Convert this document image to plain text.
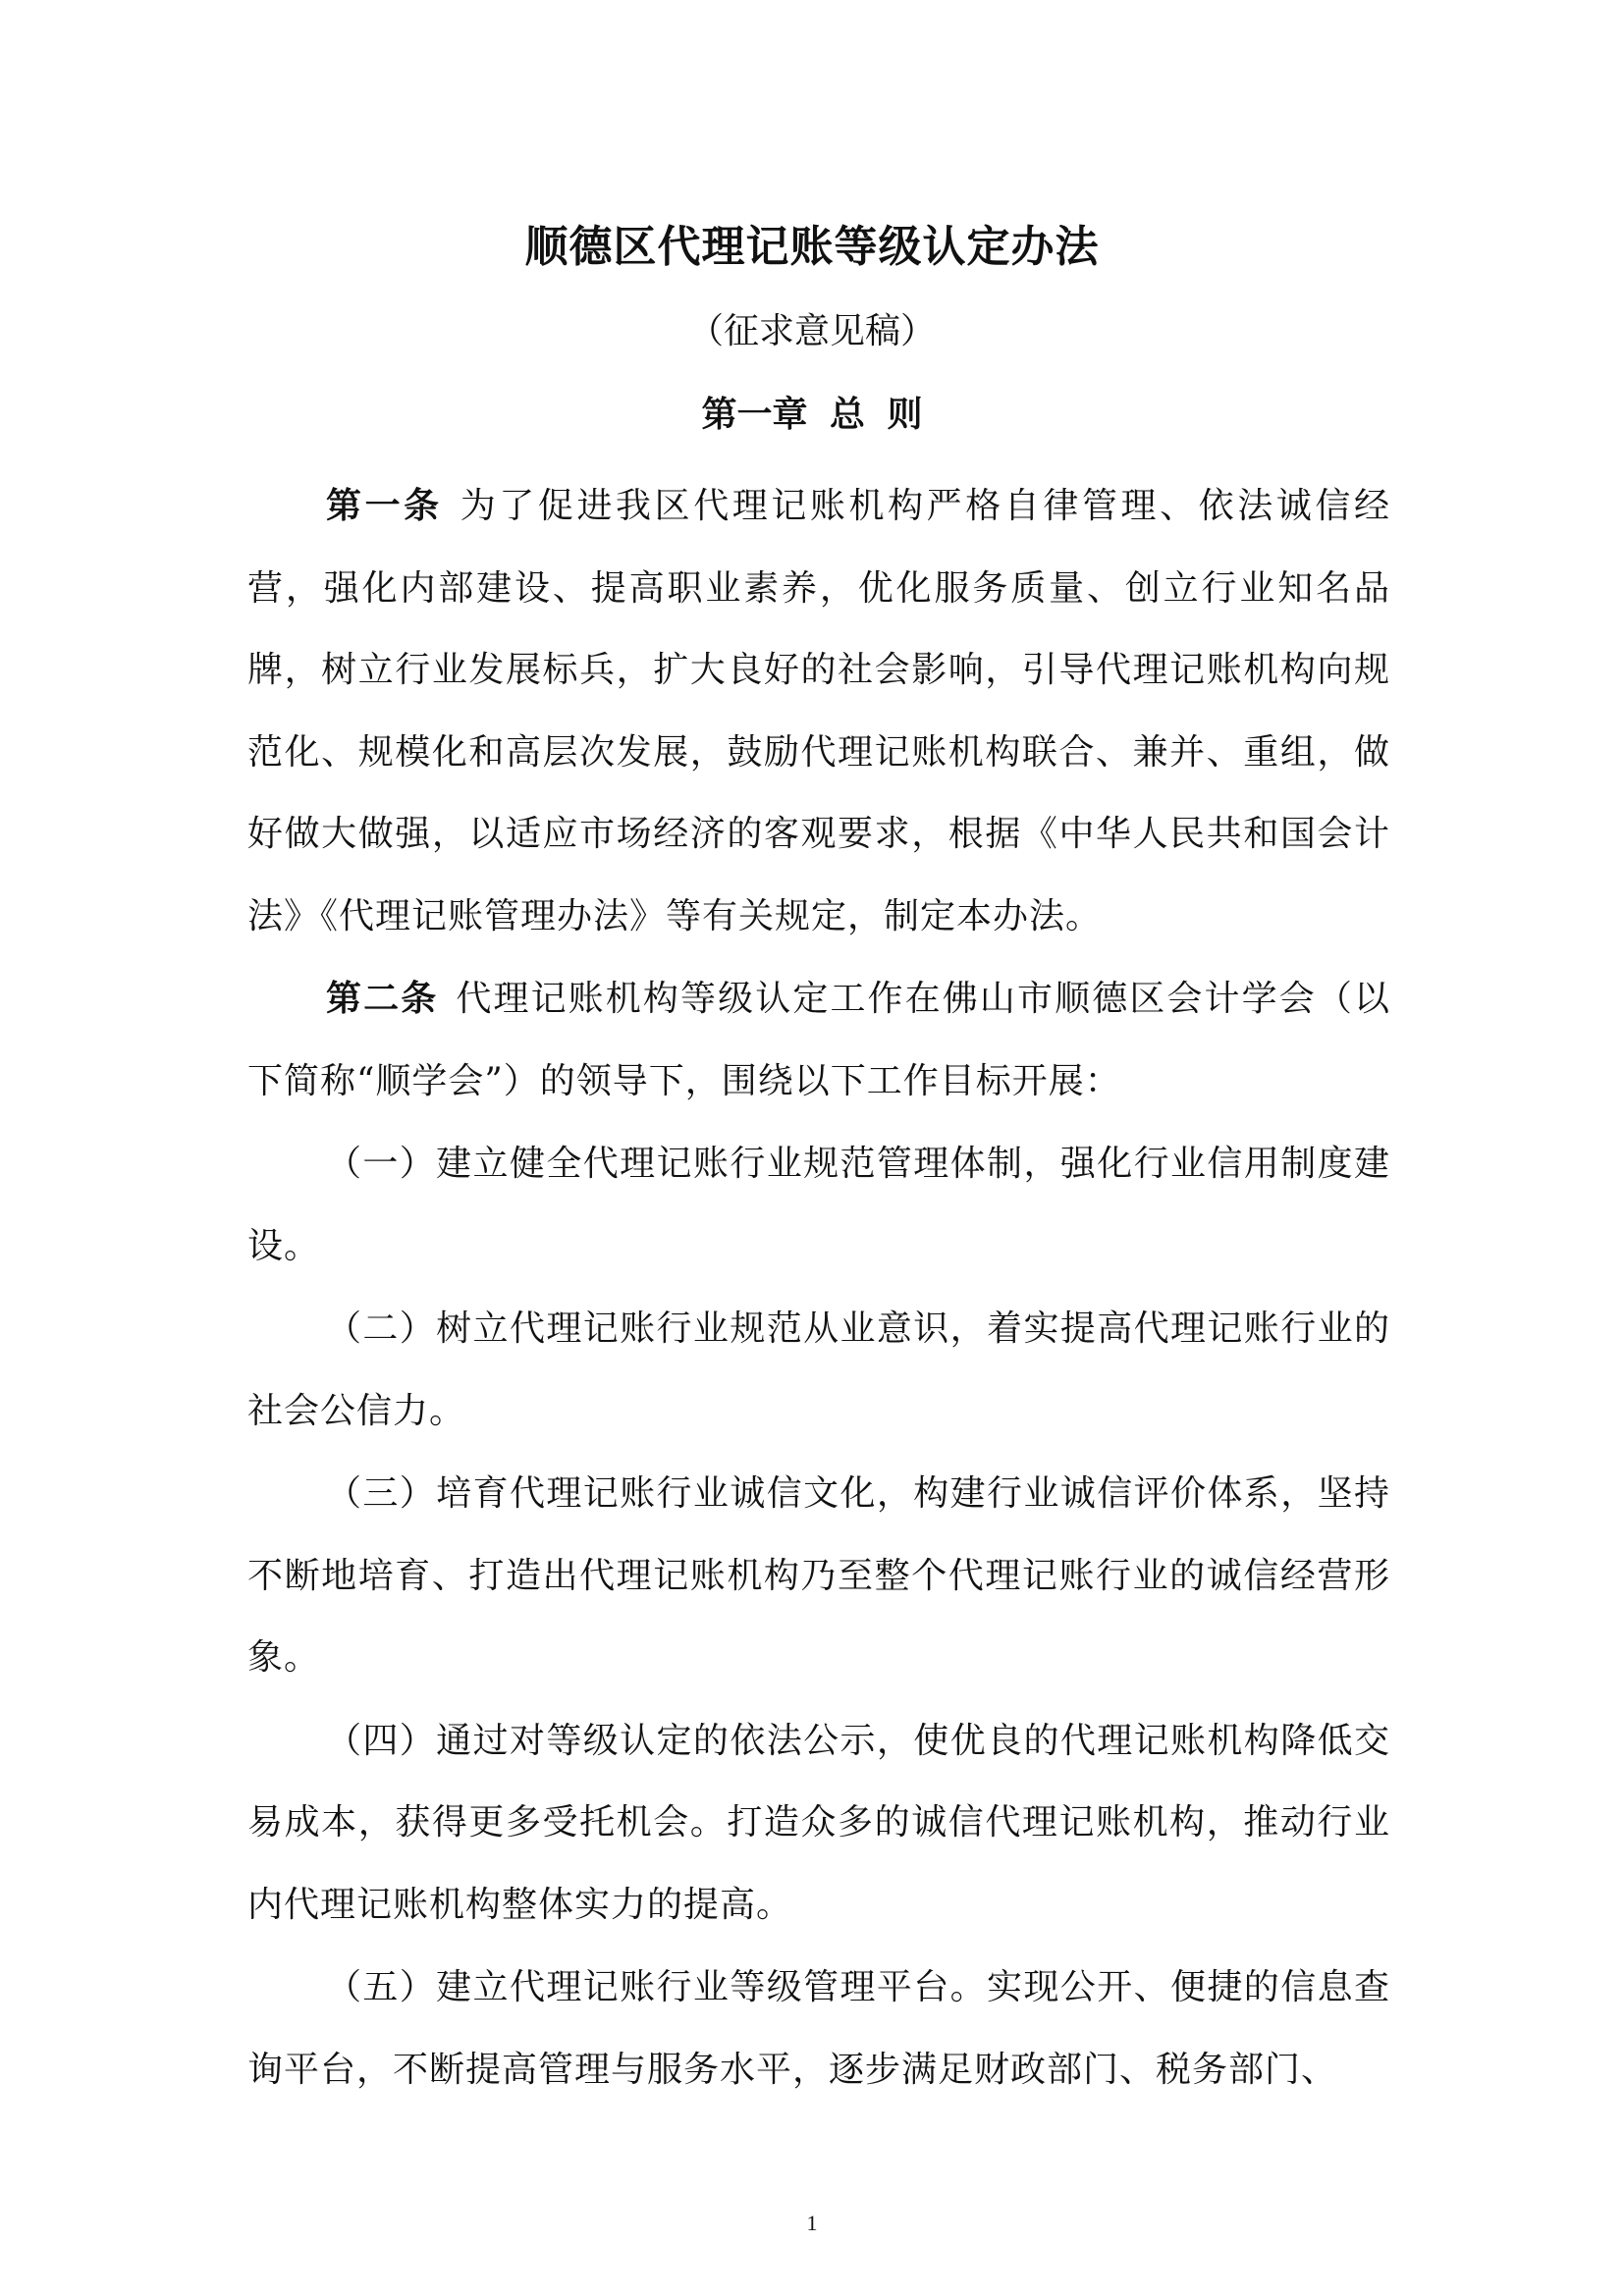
顺德区代理记账等级认定办法
（征求意见稿）
第一章 总 则

第一条 为了促进我区代理记账机构严格自律管理、依法诚信经营，强化内部建设、提高职业素养，优化服务质量、创立行业知名品牌，树立行业发展标兵，扩大良好的社会影响，引导代理记账机构向规范化、规模化和高层次发展，鼓励代理记账机构联合、兼并、重组，做好做大做强，以适应市场经济的客观要求，根据《中华人民共和国会计法》《代理记账管理办法》等有关规定，制定本办法。

第二条 代理记账机构等级认定工作在佛山市顺德区会计学会（以下简称“顺学会”）的领导下，围绕以下工作目标开展：

（一）建立健全代理记账行业规范管理体制，强化行业信用制度建设。

（二）树立代理记账行业规范从业意识，着实提高代理记账行业的社会公信力。

（三）培育代理记账行业诚信文化，构建行业诚信评价体系，坚持不断地培育、打造出代理记账机构乃至整个代理记账行业的诚信经营形象。

（四）通过对等级认定的依法公示，使优良的代理记账机构降低交易成本，获得更多受托机会。打造众多的诚信代理记账机构，推动行业内代理记账机构整体实力的提高。

（五）建立代理记账行业等级管理平台。实现公开、便捷的信息查询平台，不断提高管理与服务水平，逐步满足财政部门、税务部门、

1
